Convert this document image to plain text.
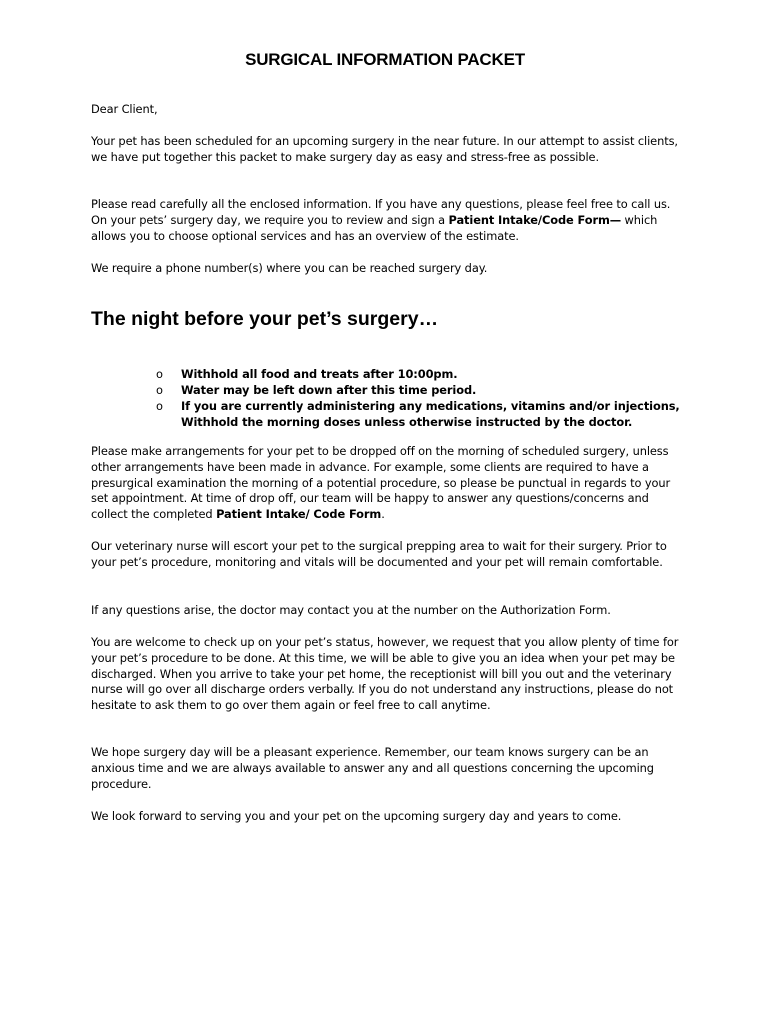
SURGICAL INFORMATION PACKET

Dear Client,

Your pet has been scheduled for an upcoming surgery in the near future. In our attempt to assist clients, we have put together this packet to make surgery day as easy and stress-free as possible.

Please read carefully all the enclosed information. If you have any questions, please feel free to call us. On your pets’ surgery day, we require you to review and sign a Patient Intake/Code Form— which allows you to choose optional services and has an overview of the estimate.

We require a phone number(s) where you can be reached surgery day.

The night before your pet’s surgery…
o Withhold all food and treats after 10:00pm.
o Water may be left down after this time period.
o If you are currently administering any medications, vitamins and/or injections, Withhold the morning doses unless otherwise instructed by the doctor.

Please make arrangements for your pet to be dropped off on the morning of scheduled surgery, unless other arrangements have been made in advance. For example, some clients are required to have a presurgical examination the morning of a potential procedure, so please be punctual in regards to your set appointment. At time of drop off, our team will be happy to answer any questions/concerns and collect the completed Patient Intake/ Code Form.

Our veterinary nurse will escort your pet to the surgical prepping area to wait for their surgery. Prior to your pet’s procedure, monitoring and vitals will be documented and your pet will remain comfortable.

If any questions arise, the doctor may contact you at the number on the Authorization Form.

You are welcome to check up on your pet’s status, however, we request that you allow plenty of time for your pet’s procedure to be done. At this time, we will be able to give you an idea when your pet may be discharged. When you arrive to take your pet home, the receptionist will bill you out and the veterinary nurse will go over all discharge orders verbally. If you do not understand any instructions, please do not hesitate to ask them to go over them again or feel free to call anytime.

We hope surgery day will be a pleasant experience. Remember, our team knows surgery can be an anxious time and we are always available to answer any and all questions concerning the upcoming procedure.

We look forward to serving you and your pet on the upcoming surgery day and years to come.
